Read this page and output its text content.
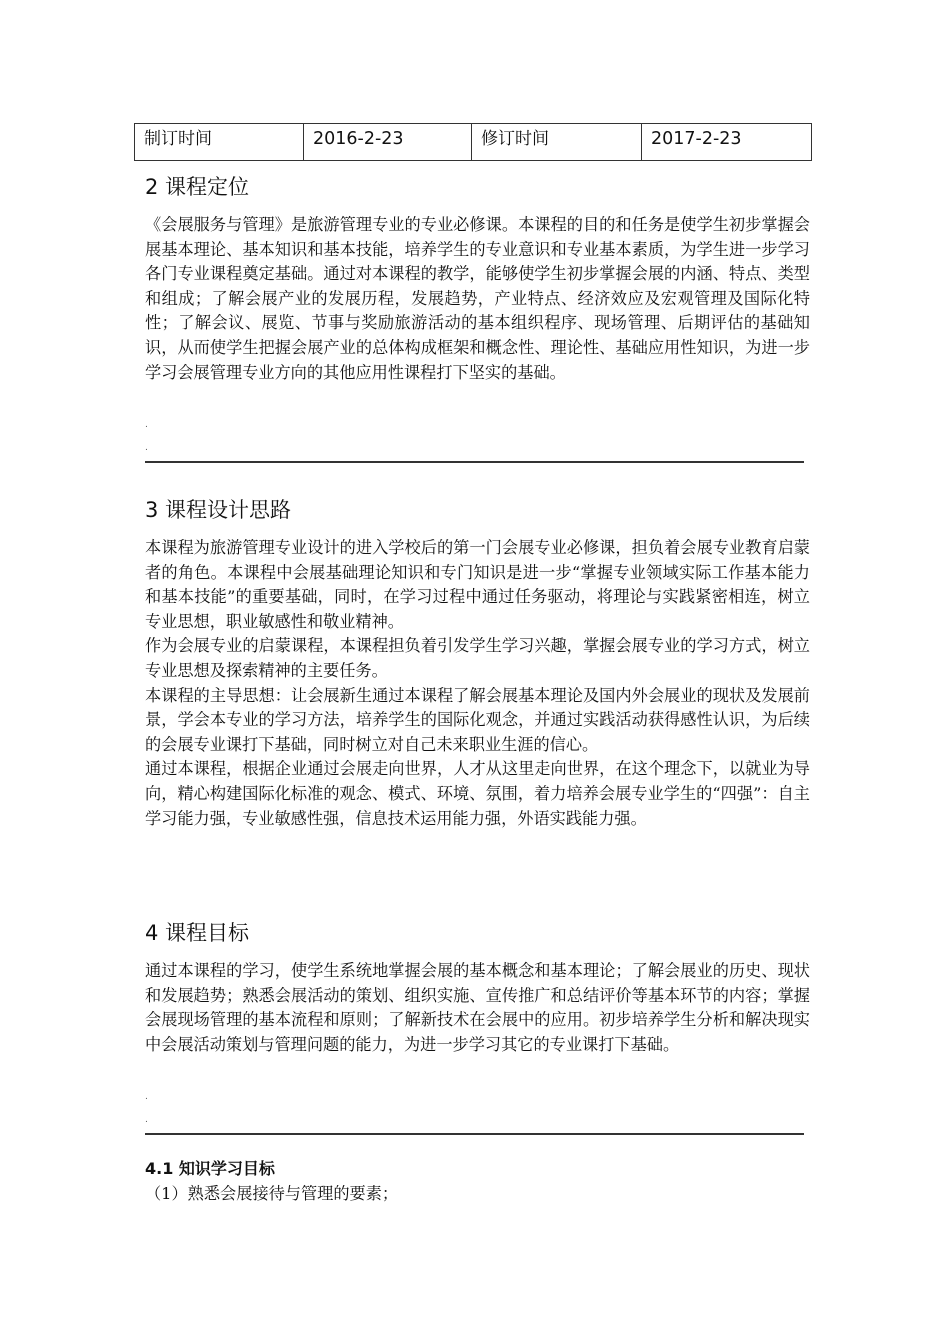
制订时间	2016-2-23	修订时间	2017-2-23
2 课程定位

《会展服务与管理》是旅游管理专业的专业必修课。本课程的目的和任务是使学生初步掌握会展基本理论、基本知识和基本技能，培养学生的专业意识和专业基本素质，为学生进一步学习各门专业课程奠定基础。通过对本课程的教学，能够使学生初步掌握会展的内涵、特点、类型和组成；了解会展产业的发展历程，发展趋势，产业特点、经济效应及宏观管理及国际化特性；了解会议、展览、节事与奖励旅游活动的基本组织程序、现场管理、后期评估的基础知识，从而使学生把握会展产业的总体构成框架和概念性、理论性、基础应用性知识，为进一步学习会展管理专业方向的其他应用性课程打下坚实的基础。

.
.
3 课程设计思路

本课程为旅游管理专业设计的进入学校后的第一门会展专业必修课，担负着会展专业教育启蒙者的角色。本课程中会展基础理论知识和专门知识是进一步“掌握专业领域实际工作基本能力和基本技能”的重要基础，同时，在学习过程中通过任务驱动，将理论与实践紧密相连，树立专业思想，职业敏感性和敬业精神。

作为会展专业的启蒙课程，本课程担负着引发学生学习兴趣，掌握会展专业的学习方式，树立专业思想及探索精神的主要任务。

本课程的主导思想：让会展新生通过本课程了解会展基本理论及国内外会展业的现状及发展前景，学会本专业的学习方法，培养学生的国际化观念，并通过实践活动获得感性认识，为后续的会展专业课打下基础，同时树立对自己未来职业生涯的信心。

通过本课程，根据企业通过会展走向世界，人才从这里走向世界，在这个理念下，以就业为导向，精心构建国际化标准的观念、模式、环境、氛围，着力培养会展专业学生的“四强”：自主学习能力强，专业敏感性强，信息技术运用能力强，外语实践能力强。

4 课程目标

通过本课程的学习，使学生系统地掌握会展的基本概念和基本理论；了解会展业的历史、现状和发展趋势；熟悉会展活动的策划、组织实施、宣传推广和总结评价等基本环节的内容；掌握会展现场管理的基本流程和原则；了解新技术在会展中的应用。初步培养学生分析和解决现实中会展活动策划与管理问题的能力，为进一步学习其它的专业课打下基础。

.
.
4.1 知识学习目标
（1）熟悉会展接待与管理的要素；
